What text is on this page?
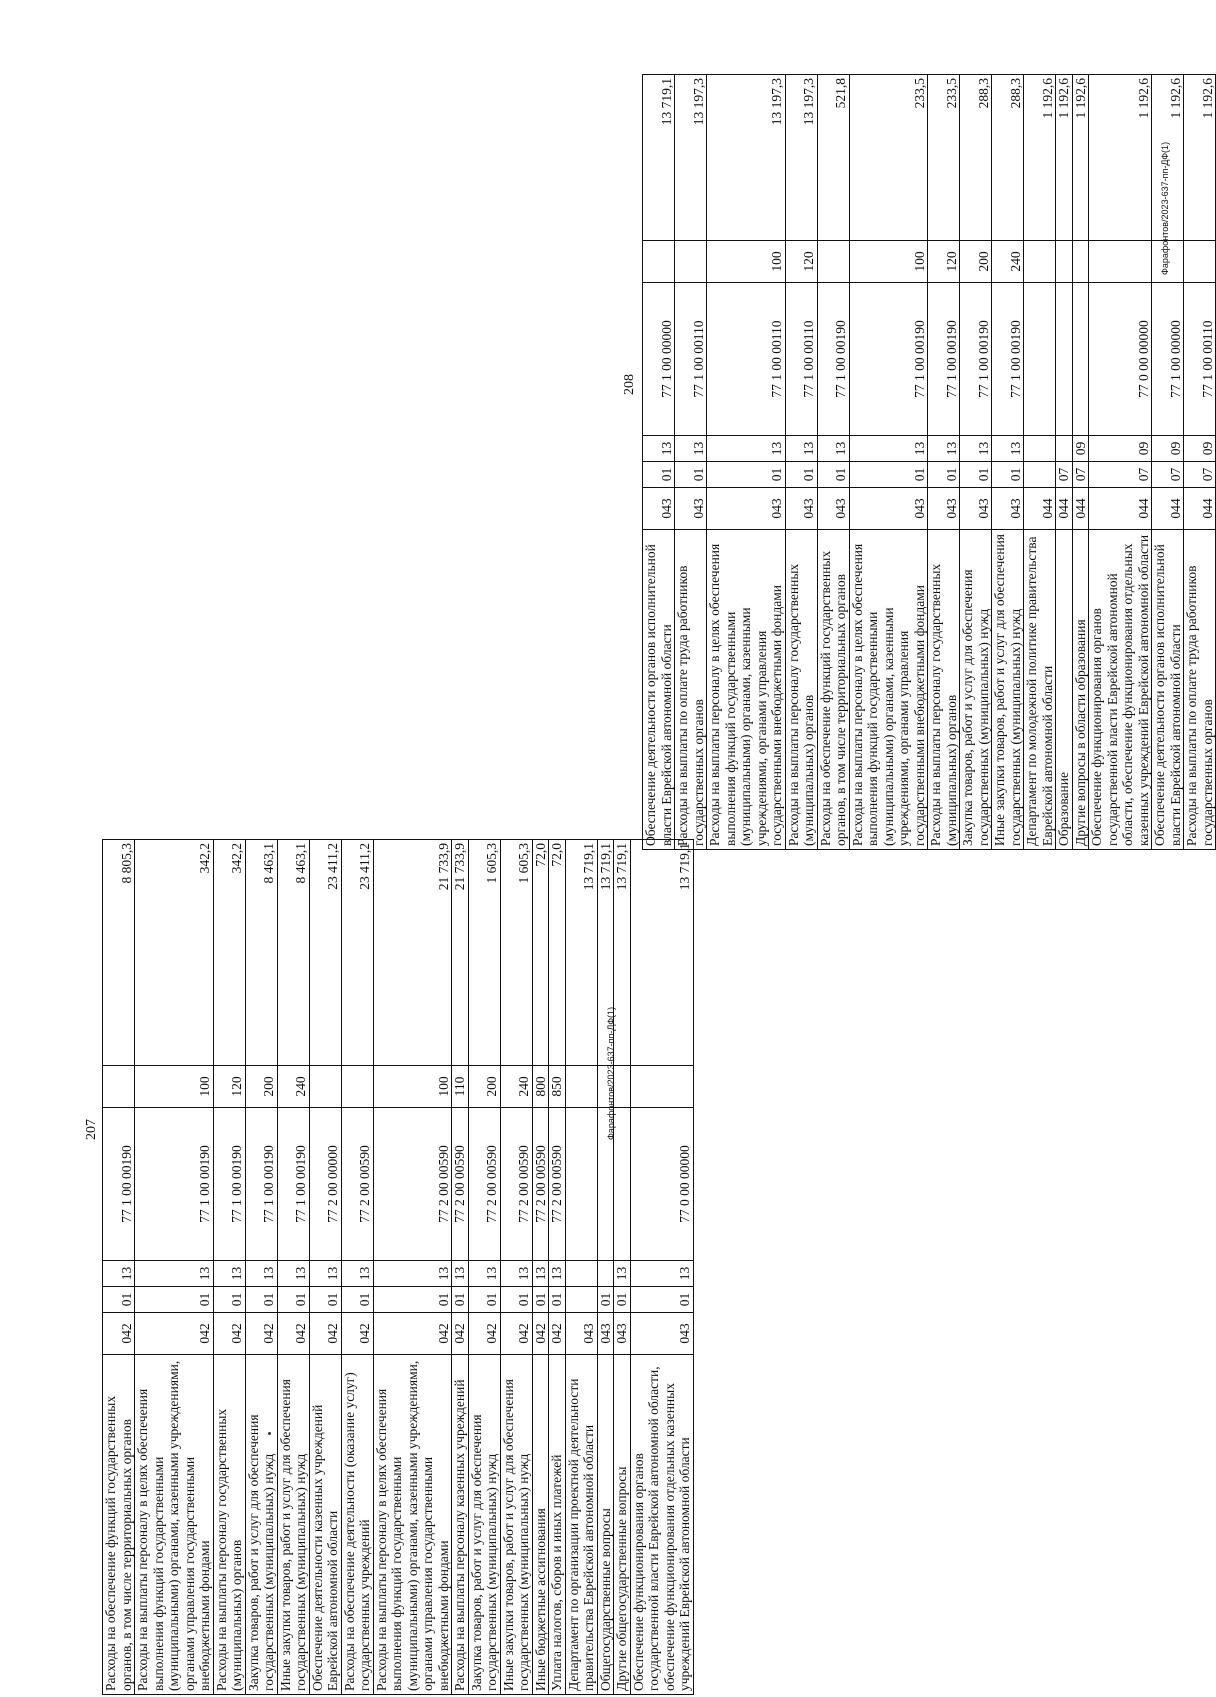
207
Расходы на обеспечение функций государственных органов, в том числе территориальных органов	042	01	13	77 1 00 00190		8 805,3
Расходы на выплаты персоналу в целях обеспечения выполнения функций государственными (муниципальными) органами, казенными учреждениями, органами управления государственными внебюджетными фондами	042	01	13	77 1 00 00190	100	342,2
Расходы на выплаты персоналу государственных (муниципальных) органов	042	01	13	77 1 00 00190	120	342,2
Закупка товаров, работ и услуг для обеспечения государственных (муниципальных) нужд	042	01	13	77 1 00 00190	200	8 463,1
Иные закупки товаров, работ и услуг для обеспечения государственных (муниципальных) нужд	042	01	13	77 1 00 00190	240	8 463,1
Обеспечение деятельности казенных учреждений Еврейской автономной области	042	01	13	77 2 00 00000		23 411,2
Расходы на обеспечение деятельности (оказание услуг) государственных учреждений	042	01	13	77 2 00 00590		23 411,2
Расходы на выплаты персоналу в целях обеспечения выполнения функций государственными (муниципальными) органами, казенными учреждениями, органами управления государственными внебюджетными фондами	042	01	13	77 2 00 00590	100	21 733,9
Расходы на выплаты персоналу казенных учреждений	042	01	13	77 2 00 00590	110	21 733,9
Закупка товаров, работ и услуг для обеспечения государственных (муниципальных) нужд	042	01	13	77 2 00 00590	200	1 605,3
Иные закупки товаров, работ и услуг для обеспечения государственных (муниципальных) нужд	042	01	13	77 2 00 00590	240	1 605,3
Иные бюджетные ассигнования	042	01	13	77 2 00 00590	800	72,0
Уплата налогов, сборов и иных платежей	042	01	13	77 2 00 00590	850	72,0
Департамент по организации проектной деятельности правительства Еврейской автономной области	043					13 719,1
Общегосударственные вопросы	043	01				13 719,1
Другие общегосударственные вопросы	043	01	13			13 719,1
Обеспечение функционирования органов государственной власти Еврейской автономной области, обеспечение функционирования отдельных казенных учреждений Еврейской автономной области	043	01	13	77 0 00 00000		13 719,1
Фарафонтов/2023-637-пп-ДФ(1)
208
Обеспечение деятельности органов исполнительной власти Еврейской автономной области	043	01	13	77 1 00 00000		13 719,1
Расходы на выплаты по оплате труда работников государственных органов	043	01	13	77 1 00 00110		13 197,3
Расходы на выплаты персоналу в целях обеспечения выполнения функций государственными (муниципальными) органами, казенными учреждениями, органами управления государственными внебюджетными фондами	043	01	13	77 1 00 00110	100	13 197,3
Расходы на выплаты персоналу государственных (муниципальных) органов	043	01	13	77 1 00 00110	120	13 197,3
Расходы на обеспечение функций государственных органов, в том числе территориальных органов	043	01	13	77 1 00 00190		521,8
Расходы на выплаты персоналу в целях обеспечения выполнения функций государственными (муниципальными) органами, казенными учреждениями, органами управления государственными внебюджетными фондами	043	01	13	77 1 00 00190	100	233,5
Расходы на выплаты персоналу государственных (муниципальных) органов	043	01	13	77 1 00 00190	120	233,5
Закупка товаров, работ и услуг для обеспечения государственных (муниципальных) нужд	043	01	13	77 1 00 00190	200	288,3
Иные закупки товаров, работ и услуг для обеспечения государственных (муниципальных) нужд	043	01	13	77 1 00 00190	240	288,3
Департамент по молодежной политике правительства Еврейской автономной области	044					1 192,6
Образование	044	07				1 192,6
Другие вопросы в области образования	044	07	09			1 192,6
Обеспечение функционирования органов государственной власти Еврейской автономной области, обеспечение функционирования отдельных казенных учреждений Еврейской автономной области	044	07	09	77 0 00 00000		1 192,6
Обеспечение деятельности органов исполнительной власти Еврейской автономной области	044	07	09	77 1 00 00000		1 192,6
Расходы на выплаты по оплате труда работников государственных органов	044	07	09	77 1 00 00110		1 192,6
Фарафонтов/2023-637-пп-ДФ(1)
